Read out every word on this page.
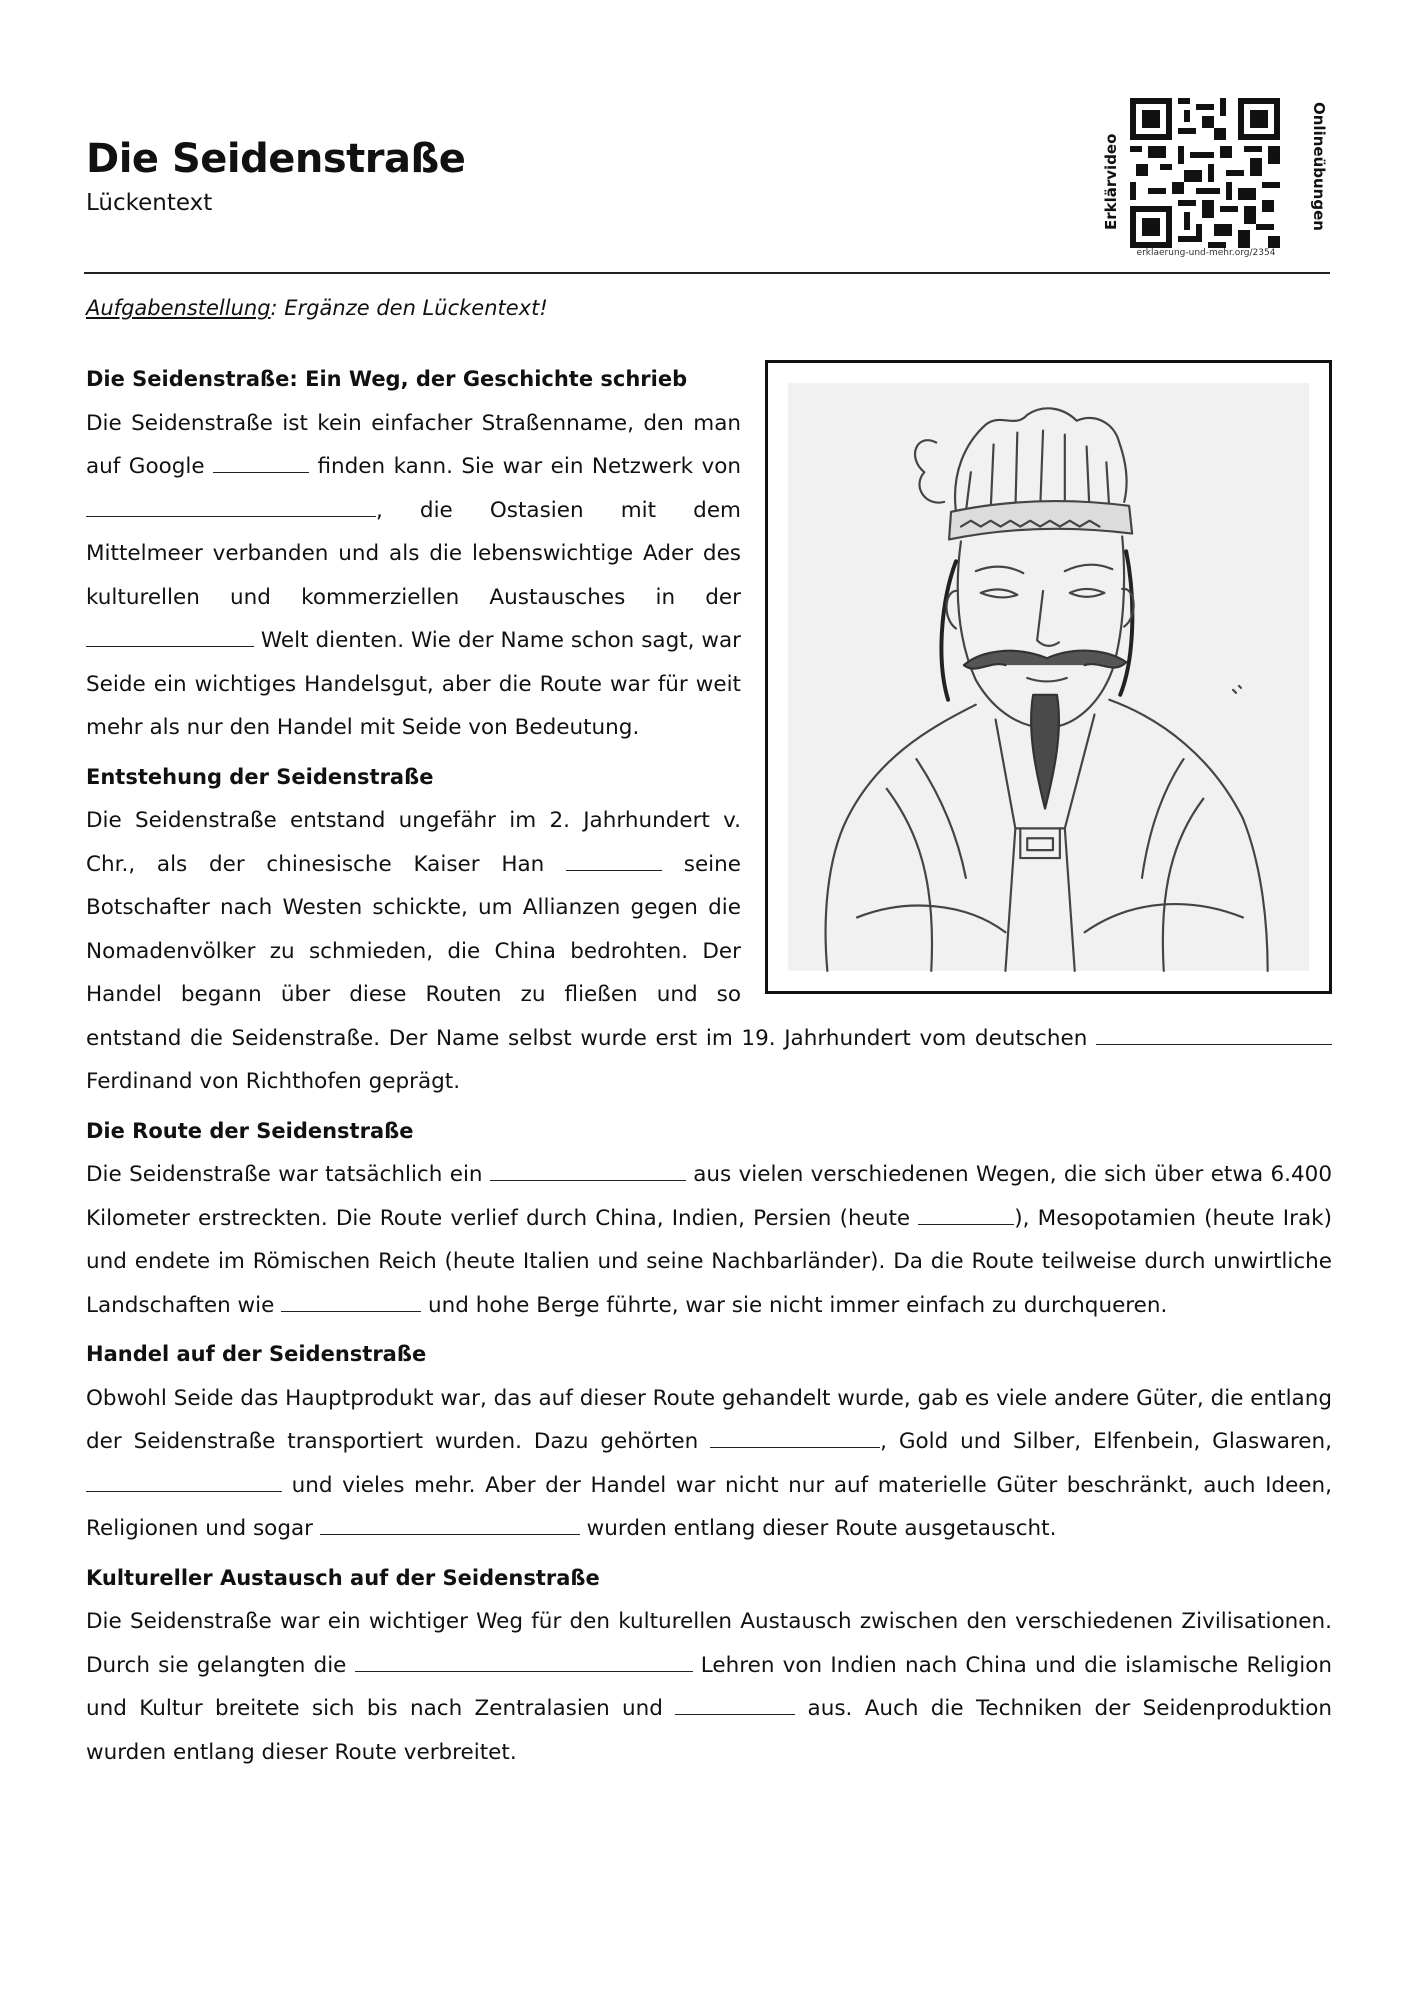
Die Seidenstraße
Lückentext	Erklärvideo
erklaerung-und-mehr.org/2354
Onlineübungen
Aufgabenstellung: Ergänze den Lückentext!
Die Seidenstraße: Ein Weg, der Geschichte schrieb

Die Seidenstraße ist kein einfacher Straßenname, den man auf Google	finden kann. Sie war ein Netzwerk von , die Ostasien mit dem Mittelmeer verbanden und als die lebenswichtige Ader des kulturellen und kommerziellen Austausches in der  Welt dienten. Wie der Name schon sagt, war Seide ein wichtiges Handelsgut, aber die Route war für weit mehr als nur den Handel mit Seide von Bedeutung.

Entstehung der Seidenstraße

Die Seidenstraße entstand ungefähr im 2. Jahrhundert v. Chr., als der chinesische Kaiser Han	seine Botschafter nach Westen schickte, um Allianzen gegen die Nomadenvölker zu schmieden, die China bedrohten. Der Handel begann über diese Routen zu fließen und so entstand die Seidenstraße. Der Name selbst wurde erst im 19. Jahrhundert vom deutschen  Ferdinand von Richthofen geprägt.

Die Route der Seidenstraße

Die Seidenstraße war tatsächlich ein	aus vielen verschiedenen Wegen, die sich über etwa 6.400 Kilometer erstreckten. Die Route verlief durch China, Indien, Persien (heute	), Mesopotamien (heute Irak) und endete im Römischen Reich (heute Italien und seine Nachbarländer). Da die Route teilweise durch unwirtliche Landschaften wie	und hohe Berge führte, war sie nicht immer einfach zu durchqueren.

Handel auf der Seidenstraße

Obwohl Seide das Hauptprodukt war, das auf dieser Route gehandelt wurde, gab es viele andere Güter, die entlang der Seidenstraße transportiert wurden. Dazu gehörten	, Gold und Silber, Elfenbein, Glaswaren,  und vieles mehr. Aber der Handel war nicht nur auf materielle Güter beschränkt, auch Ideen, Religionen und sogar	wurden entlang dieser Route ausgetauscht.

Kultureller Austausch auf der Seidenstraße

Die Seidenstraße war ein wichtiger Weg für den kulturellen Austausch zwischen den verschiedenen Zivilisationen. Durch sie gelangten die	Lehren von Indien nach China und die islamische Religion und Kultur breitete sich bis nach Zentralasien und	aus. Auch die Techniken der Seidenproduktion wurden entlang dieser Route verbreitet.
